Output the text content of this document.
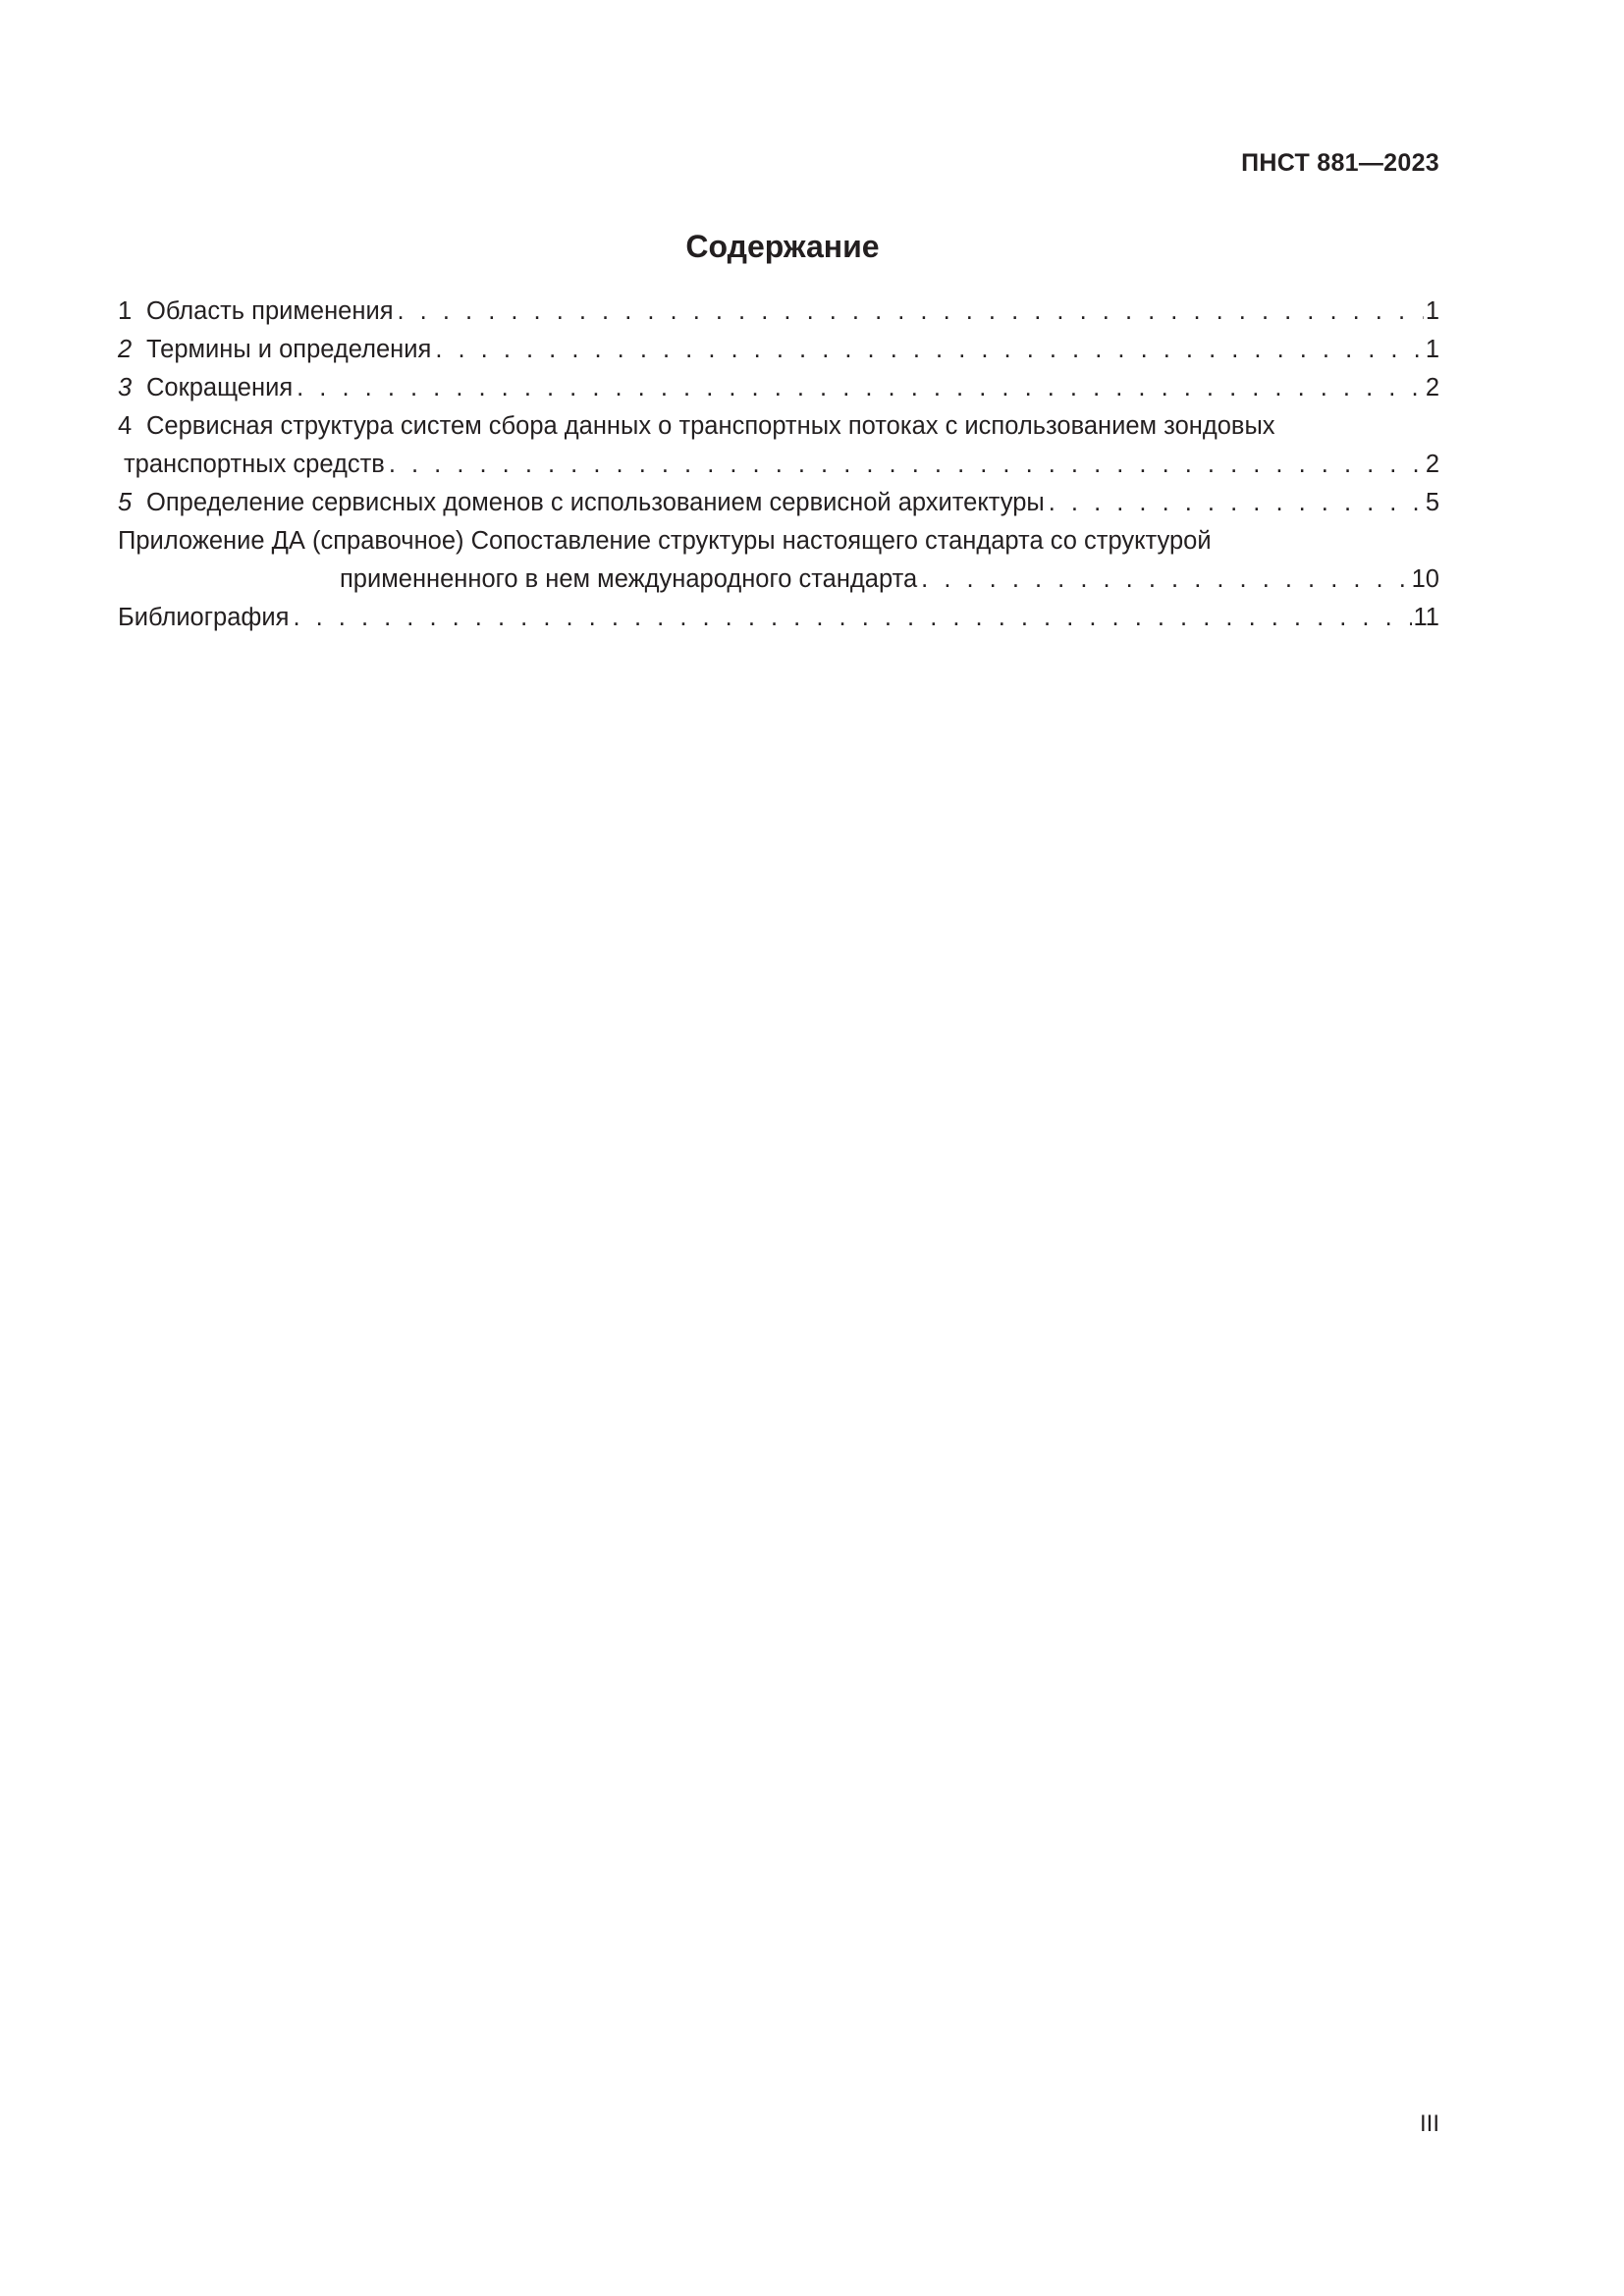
ПНСТ 881—2023
Содержание
1 Область применения . . .	1
2 Термины и определения . . .	1
3 Сокращения . . .	2
4 Сервисная структура систем сбора данных о транспортных потоках с использованием зондовых
транспортных средств . . .	2
5 Определение сервисных доменов с использованием сервисной архитектуры . . .	5
Приложение ДА (справочное) Сопоставление структуры настоящего стандарта со структурой
применненного в нем международного стандарта . . .	10
Библиография . . .	11
III
